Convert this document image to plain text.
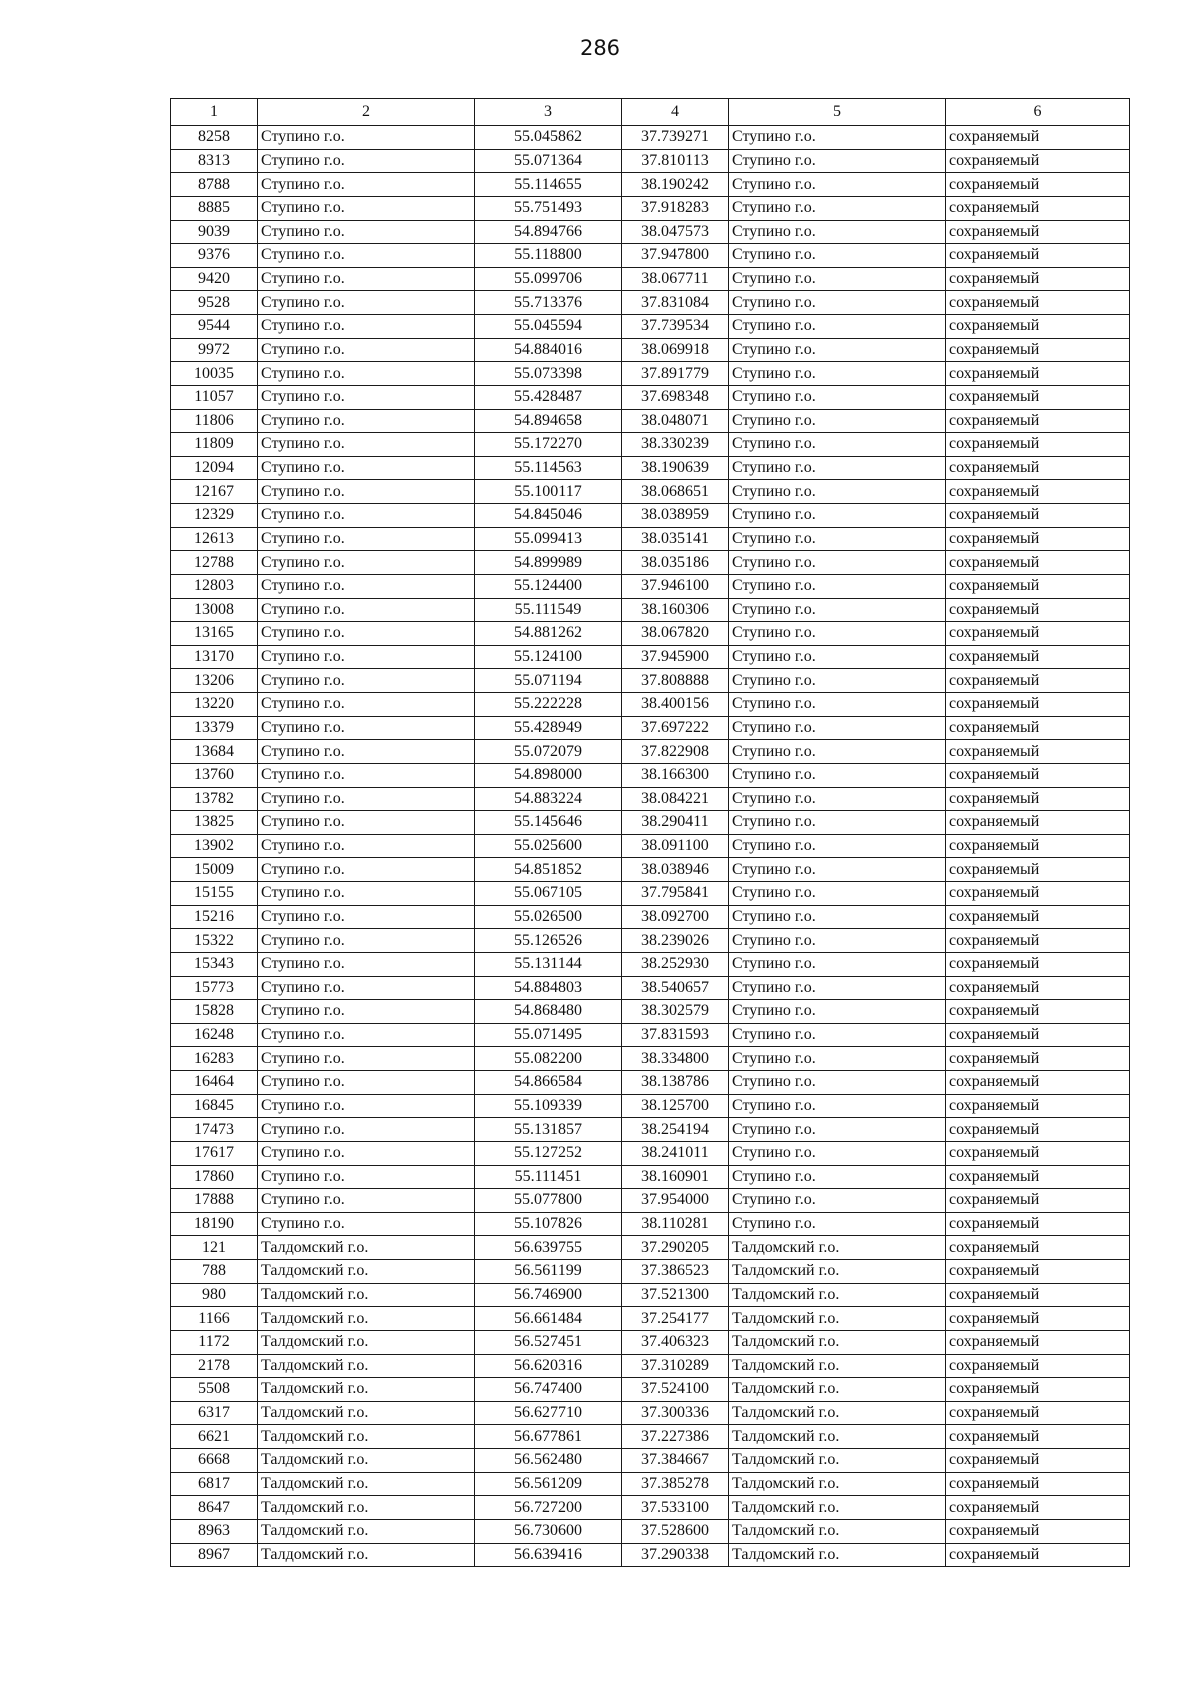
286
1	2	3	4	5	6
8258	Ступино г.о.	55.045862	37.739271	Ступино г.о.	сохраняемый
8313	Ступино г.о.	55.071364	37.810113	Ступино г.о.	сохраняемый
8788	Ступино г.о.	55.114655	38.190242	Ступино г.о.	сохраняемый
8885	Ступино г.о.	55.751493	37.918283	Ступино г.о.	сохраняемый
9039	Ступино г.о.	54.894766	38.047573	Ступино г.о.	сохраняемый
9376	Ступино г.о.	55.118800	37.947800	Ступино г.о.	сохраняемый
9420	Ступино г.о.	55.099706	38.067711	Ступино г.о.	сохраняемый
9528	Ступино г.о.	55.713376	37.831084	Ступино г.о.	сохраняемый
9544	Ступино г.о.	55.045594	37.739534	Ступино г.о.	сохраняемый
9972	Ступино г.о.	54.884016	38.069918	Ступино г.о.	сохраняемый
10035	Ступино г.о.	55.073398	37.891779	Ступино г.о.	сохраняемый
11057	Ступино г.о.	55.428487	37.698348	Ступино г.о.	сохраняемый
11806	Ступино г.о.	54.894658	38.048071	Ступино г.о.	сохраняемый
11809	Ступино г.о.	55.172270	38.330239	Ступино г.о.	сохраняемый
12094	Ступино г.о.	55.114563	38.190639	Ступино г.о.	сохраняемый
12167	Ступино г.о.	55.100117	38.068651	Ступино г.о.	сохраняемый
12329	Ступино г.о.	54.845046	38.038959	Ступино г.о.	сохраняемый
12613	Ступино г.о.	55.099413	38.035141	Ступино г.о.	сохраняемый
12788	Ступино г.о.	54.899989	38.035186	Ступино г.о.	сохраняемый
12803	Ступино г.о.	55.124400	37.946100	Ступино г.о.	сохраняемый
13008	Ступино г.о.	55.111549	38.160306	Ступино г.о.	сохраняемый
13165	Ступино г.о.	54.881262	38.067820	Ступино г.о.	сохраняемый
13170	Ступино г.о.	55.124100	37.945900	Ступино г.о.	сохраняемый
13206	Ступино г.о.	55.071194	37.808888	Ступино г.о.	сохраняемый
13220	Ступино г.о.	55.222228	38.400156	Ступино г.о.	сохраняемый
13379	Ступино г.о.	55.428949	37.697222	Ступино г.о.	сохраняемый
13684	Ступино г.о.	55.072079	37.822908	Ступино г.о.	сохраняемый
13760	Ступино г.о.	54.898000	38.166300	Ступино г.о.	сохраняемый
13782	Ступино г.о.	54.883224	38.084221	Ступино г.о.	сохраняемый
13825	Ступино г.о.	55.145646	38.290411	Ступино г.о.	сохраняемый
13902	Ступино г.о.	55.025600	38.091100	Ступино г.о.	сохраняемый
15009	Ступино г.о.	54.851852	38.038946	Ступино г.о.	сохраняемый
15155	Ступино г.о.	55.067105	37.795841	Ступино г.о.	сохраняемый
15216	Ступино г.о.	55.026500	38.092700	Ступино г.о.	сохраняемый
15322	Ступино г.о.	55.126526	38.239026	Ступино г.о.	сохраняемый
15343	Ступино г.о.	55.131144	38.252930	Ступино г.о.	сохраняемый
15773	Ступино г.о.	54.884803	38.540657	Ступино г.о.	сохраняемый
15828	Ступино г.о.	54.868480	38.302579	Ступино г.о.	сохраняемый
16248	Ступино г.о.	55.071495	37.831593	Ступино г.о.	сохраняемый
16283	Ступино г.о.	55.082200	38.334800	Ступино г.о.	сохраняемый
16464	Ступино г.о.	54.866584	38.138786	Ступино г.о.	сохраняемый
16845	Ступино г.о.	55.109339	38.125700	Ступино г.о.	сохраняемый
17473	Ступино г.о.	55.131857	38.254194	Ступино г.о.	сохраняемый
17617	Ступино г.о.	55.127252	38.241011	Ступино г.о.	сохраняемый
17860	Ступино г.о.	55.111451	38.160901	Ступино г.о.	сохраняемый
17888	Ступино г.о.	55.077800	37.954000	Ступино г.о.	сохраняемый
18190	Ступино г.о.	55.107826	38.110281	Ступино г.о.	сохраняемый
121	Талдомский г.о.	56.639755	37.290205	Талдомский г.о.	сохраняемый
788	Талдомский г.о.	56.561199	37.386523	Талдомский г.о.	сохраняемый
980	Талдомский г.о.	56.746900	37.521300	Талдомский г.о.	сохраняемый
1166	Талдомский г.о.	56.661484	37.254177	Талдомский г.о.	сохраняемый
1172	Талдомский г.о.	56.527451	37.406323	Талдомский г.о.	сохраняемый
2178	Талдомский г.о.	56.620316	37.310289	Талдомский г.о.	сохраняемый
5508	Талдомский г.о.	56.747400	37.524100	Талдомский г.о.	сохраняемый
6317	Талдомский г.о.	56.627710	37.300336	Талдомский г.о.	сохраняемый
6621	Талдомский г.о.	56.677861	37.227386	Талдомский г.о.	сохраняемый
6668	Талдомский г.о.	56.562480	37.384667	Талдомский г.о.	сохраняемый
6817	Талдомский г.о.	56.561209	37.385278	Талдомский г.о.	сохраняемый
8647	Талдомский г.о.	56.727200	37.533100	Талдомский г.о.	сохраняемый
8963	Талдомский г.о.	56.730600	37.528600	Талдомский г.о.	сохраняемый
8967	Талдомский г.о.	56.639416	37.290338	Талдомский г.о.	сохраняемый
